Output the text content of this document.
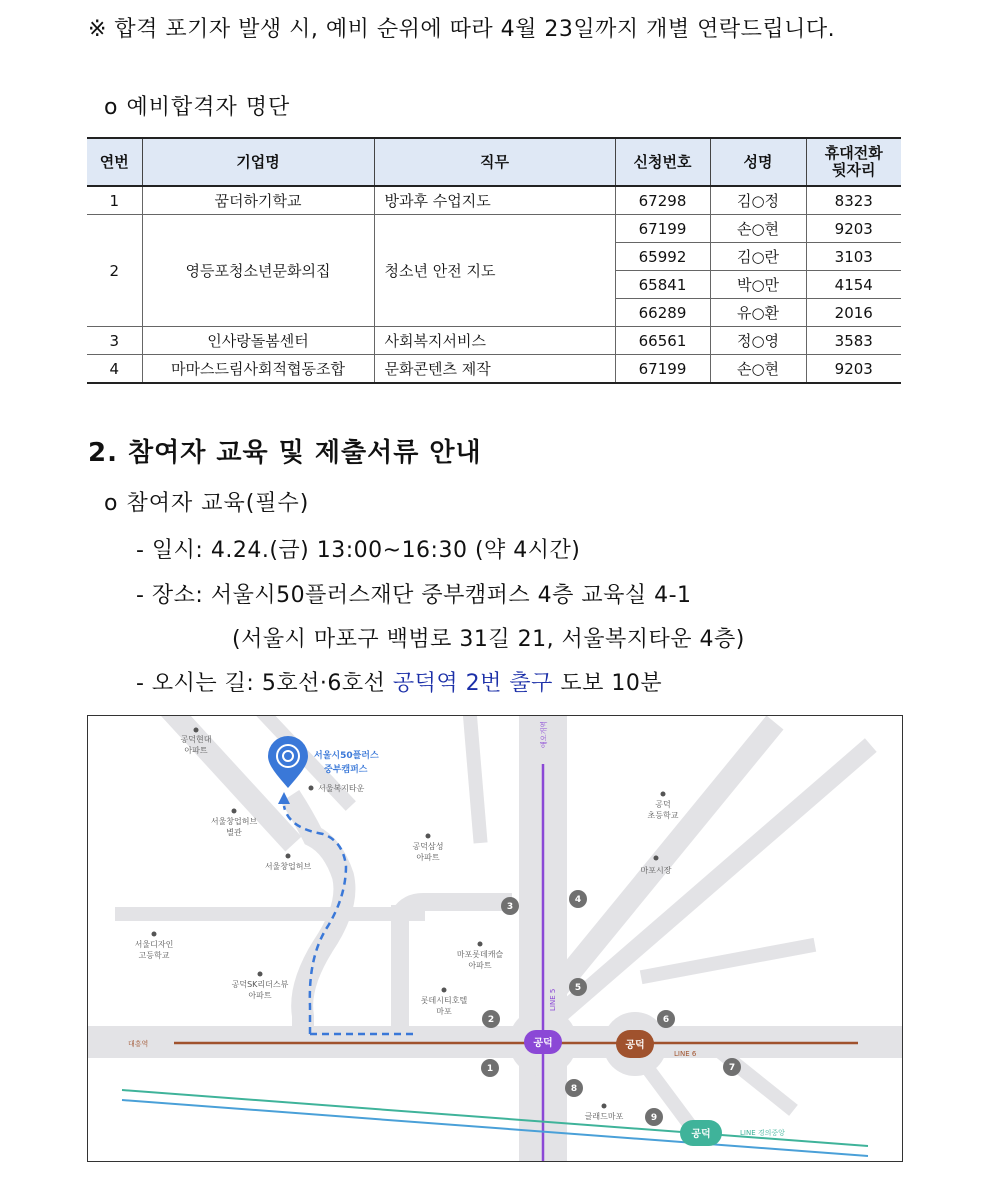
※ 합격 포기자 발생 시, 예비 순위에 따라 4월 23일까지 개별 연락드립니다.
o 예비합격자 명단
연번	기업명	직무	신청번호	성명	휴대전화
뒷자리
1	꿈더하기학교	방과후 수업지도	67298	김○정	8323
2	영등포청소년문화의집	청소년 안전 지도	67199	손○현	9203
			65992	김○란	3103
			65841	박○만	4154
			66289	유○환	2016
3	인사랑돌봄센터	사회복지서비스	66561	정○영	3583
4	마마스드림사회적협동조합	문화콘텐츠 제작	67199	손○현	9203
2. 참여자 교육 및 제출서류 안내
o 참여자 교육(필수)
- 일시: 4.24.(금) 13:00~16:30 (약 4시간)
- 장소: 서울시50플러스재단 중부캠퍼스 4층 교육실 4-1
(서울시 마포구 백범로 31길 21, 서울복지타운 4층)
- 오시는 길: 5호선·6호선 공덕역 2번 출구 도보 10분
공덕	공덕
공덕
애오개역
LINE 5
LINE 6
LINE 경의중앙
대흥역
서울시50플러스
중부캠퍼스
서울복지타운
공덕현대
아파트
서울창업허브
별관
서울창업허브
공덕삼성
아파트
공덕
초등학교
마포시장
서울디자인
고등학교
공덕SK리더스뷰
아파트
마포롯데캐슬
아파트
롯데시티호텔
마포
글래드마포
1
2
3
4
5
6
7
8
9
